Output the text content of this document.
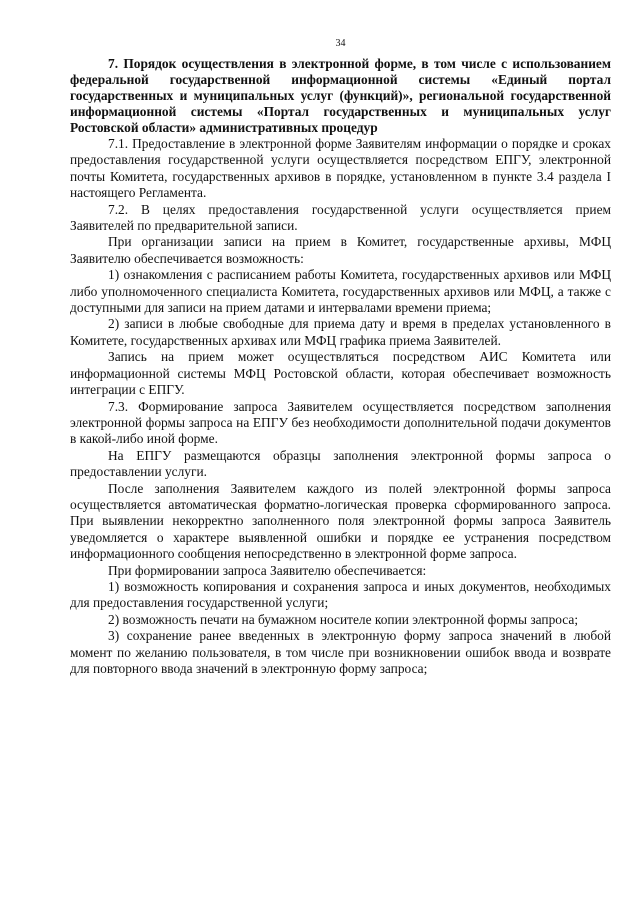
34
7. Порядок осуществления в электронной форме, в том числе с использованием федеральной государственной информационной системы «Единый портал государственных и муниципальных услуг (функций)», региональной государственной информационной системы «Портал государственных и муниципальных услуг Ростовской области» административных процедур

7.1. Предоставление в электронной форме Заявителям информации о порядке и сроках предоставления государственной услуги осуществляется посредством ЕПГУ, электронной почты Комитета, государственных архивов в порядке, установленном в пункте 3.4 раздела I настоящего Регламента.

7.2. В целях предоставления государственной услуги осуществляется прием Заявителей по предварительной записи.

При организации записи на прием в Комитет, государственные архивы, МФЦ Заявителю обеспечивается возможность:

1) ознакомления с расписанием работы Комитета, государственных архивов или МФЦ либо уполномоченного специалиста Комитета, государственных архивов или МФЦ, а также с доступными для записи на прием датами и интервалами времени приема;

2) записи в любые свободные для приема дату и время в пределах установленного в Комитете, государственных архивах или МФЦ графика приема Заявителей.

Запись на прием может осуществляться посредством АИС Комитета или информационной системы МФЦ Ростовской области, которая обеспечивает возможность интеграции с ЕПГУ.

7.3. Формирование запроса Заявителем осуществляется посредством заполнения электронной формы запроса на ЕПГУ без необходимости дополнительной подачи документов в какой-либо иной форме.

На ЕПГУ размещаются образцы заполнения электронной формы запроса о предоставлении услуги.

После заполнения Заявителем каждого из полей электронной формы запроса осуществляется автоматическая форматно-логическая проверка сформированного запроса. При выявлении некорректно заполненного поля электронной формы запроса Заявитель уведомляется о характере выявленной ошибки и порядке ее устранения посредством информационного сообщения непосредственно в электронной форме запроса.

При формировании запроса Заявителю обеспечивается:

1) возможность копирования и сохранения запроса и иных документов, необходимых для предоставления государственной услуги;

2) возможность печати на бумажном носителе копии электронной формы запроса;

3) сохранение ранее введенных в электронную форму запроса значений в любой момент по желанию пользователя, в том числе при возникновении ошибок ввода и возврате для повторного ввода значений в электронную форму запроса;
